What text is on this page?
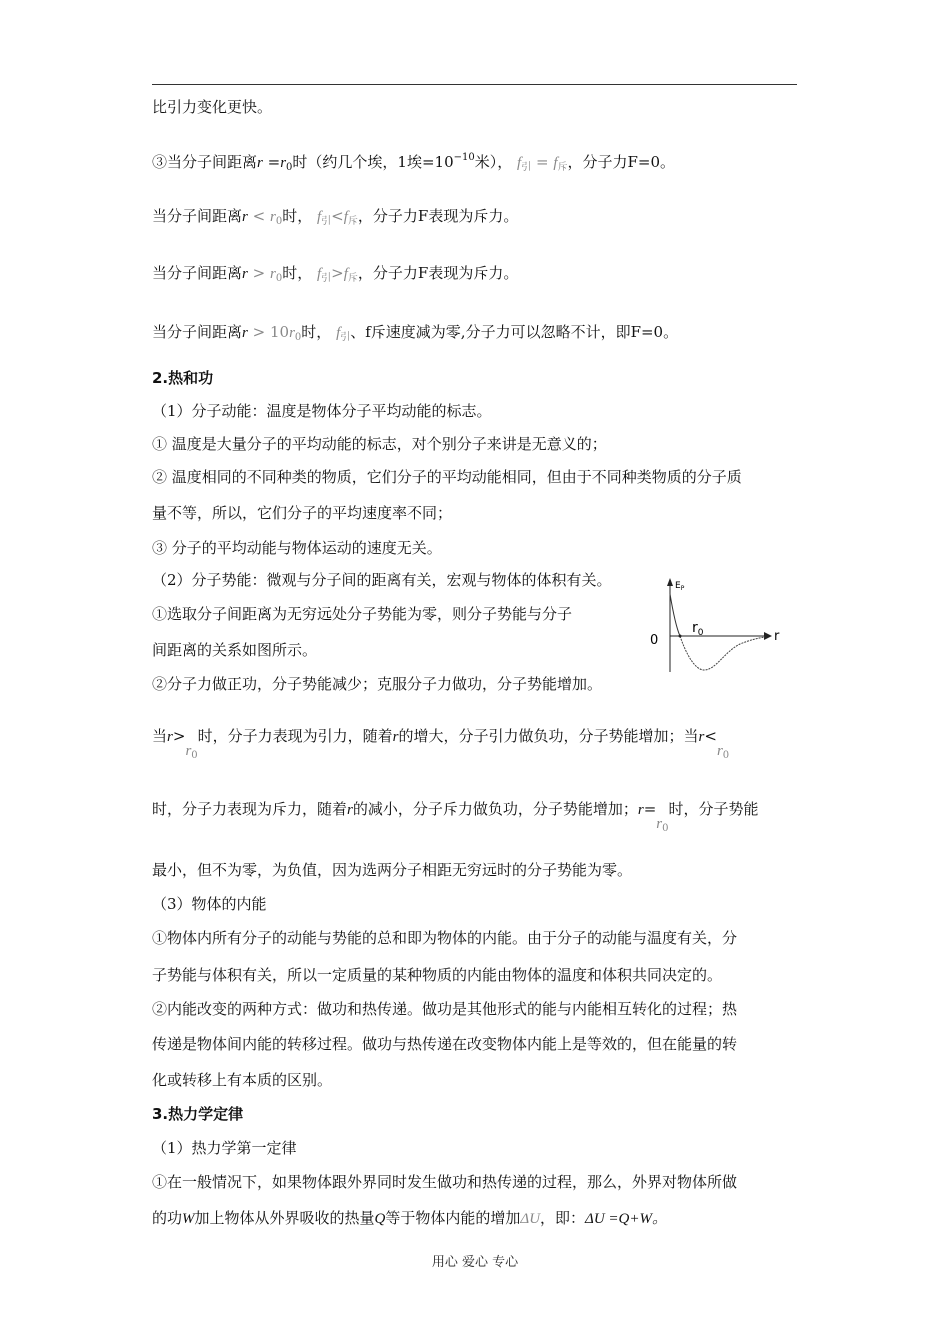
比引力变化更快。
③当分子间距离$r =r_0$时（约几个埃，1埃$=10^{-10}$米）， $f_引 = f_斥$，分子力F=0。
当分子间距离$r < r_0$时， $f_引<f_斥$，分子力F表现为斥力。
当分子间距离$r > r_0$时， $f_引>f_斥$，分子力F表现为斥力。
当分子间距离$r > 10r_0$时， $f_引$、f斥速度减为零,分子力可以忽略不计，即F=0。
2.热和功
（1）分子动能：温度是物体分子平均动能的标志。
① 温度是大量分子的平均动能的标志，对个别分子来讲是无意义的；
② 温度相同的不同种类的物质，它们分子的平均动能相同，但由于不同种类物质的分子质
量不等，所以，它们分子的平均速度率不同；
③ 分子的平均动能与物体运动的速度无关。
（2）分子势能：微观与分子间的距离有关，宏观与物体的体积有关。
①选取分子间距离为无穷远处分子势能为零，则分子势能与分子
间距离的关系如图所示。
②分子力做正功，分子势能减少；克服分子力做功，分子势能增加。
$E_P$
0
$r_0$	r
当$r>r_0$时，分子力表现为引力，随着r的增大，分子引力做负功，分子势能增加；当$r<r_0$
时，分子力表现为斥力，随着r的减小，分子斥力做负功，分子势能增加；$r=r_0$时，分子势能
最小，但不为零，为负值，因为选两分子相距无穷远时的分子势能为零。
（3）物体的内能
①物体内所有分子的动能与势能的总和即为物体的内能。由于分子的动能与温度有关，分
子势能与体积有关，所以一定质量的某种物质的内能由物体的温度和体积共同决定的。
②内能改变的两种方式：做功和热传递。做功是其他形式的能与内能相互转化的过程；热
传递是物体间内能的转移过程。做功与热传递在改变物体内能上是等效的，但在能量的转
化或转移上有本质的区别。
3.热力学定律
（1）热力学第一定律
①在一般情况下，如果物体跟外界同时发生做功和热传递的过程，那么，外界对物体所做
的功W加上物体从外界吸收的热量Q等于物体内能的增加ΔU，即：ΔU =Q+W。
用心 爱心 专心
